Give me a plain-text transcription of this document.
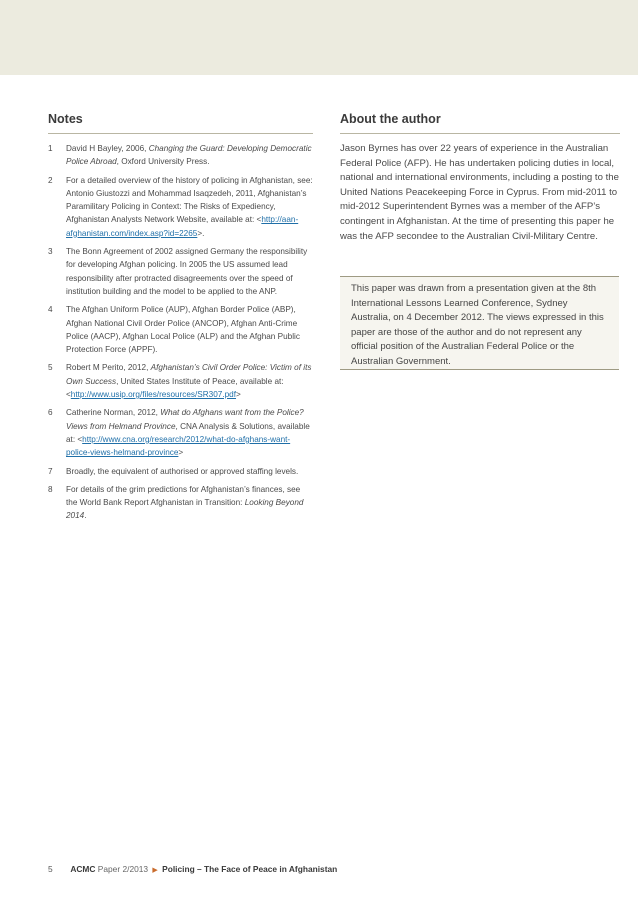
Notes
1 David H Bayley, 2006, Changing the Guard: Developing Democratic Police Abroad, Oxford University Press.
2 For a detailed overview of the history of policing in Afghanistan, see: Antonio Giustozzi and Mohammad Isaqzedeh, 2011, Afghanistan’s Paramilitary Policing in Context: The Risks of Expediency, Afghanistan Analysts Network Website, available at: <http://aan-afghanistan.com/index.asp?id=2265>.
3 The Bonn Agreement of 2002 assigned Germany the responsibility for developing Afghan policing. In 2005 the US assumed lead responsibility after protracted disagreements over the speed of institution building and the model to be applied to the ANP.
4 The Afghan Uniform Police (AUP), Afghan Border Police (ABP), Afghan National Civil Order Police (ANCOP), Afghan Anti-Crime Police (AACP), Afghan Local Police (ALP) and the Afghan Public Protection Force (APPF).
5 Robert M Perito, 2012, Afghanistan’s Civil Order Police: Victim of its Own Success, United States Institute of Peace, available at: <http://www.usip.org/files/resources/SR307.pdf>
6 Catherine Norman, 2012, What do Afghans want from the Police? Views from Helmand Province, CNA Analysis & Solutions, available at: <http://www.cna.org/research/2012/what-do-afghans-want-police-views-helmand-province>
7 Broadly, the equivalent of authorised or approved staffing levels.
8 For details of the grim predictions for Afghanistan’s finances, see the World Bank Report Afghanistan in Transition: Looking Beyond 2014.
About the author

Jason Byrnes has over 22 years of experience in the Australian Federal Police (AFP). He has undertaken policing duties in local, national and international environments, including a posting to the United Nations Peacekeeping Force in Cyprus. From mid-2011 to mid-2012 Superintendent Byrnes was a member of the AFP’s contingent in Afghanistan. At the time of presenting this paper he was the AFP secondee to the Australian Civil-Military Centre.

This paper was drawn from a presentation given at the 8th International Lessons Learned Conference, Sydney Australia, on 4 December 2012. The views expressed in this paper are those of the author and do not represent any official position of the Australian Federal Police or the Australian Government.
5 ACMC Paper 2/2013 ▶ Policing – The Face of Peace in Afghanistan
